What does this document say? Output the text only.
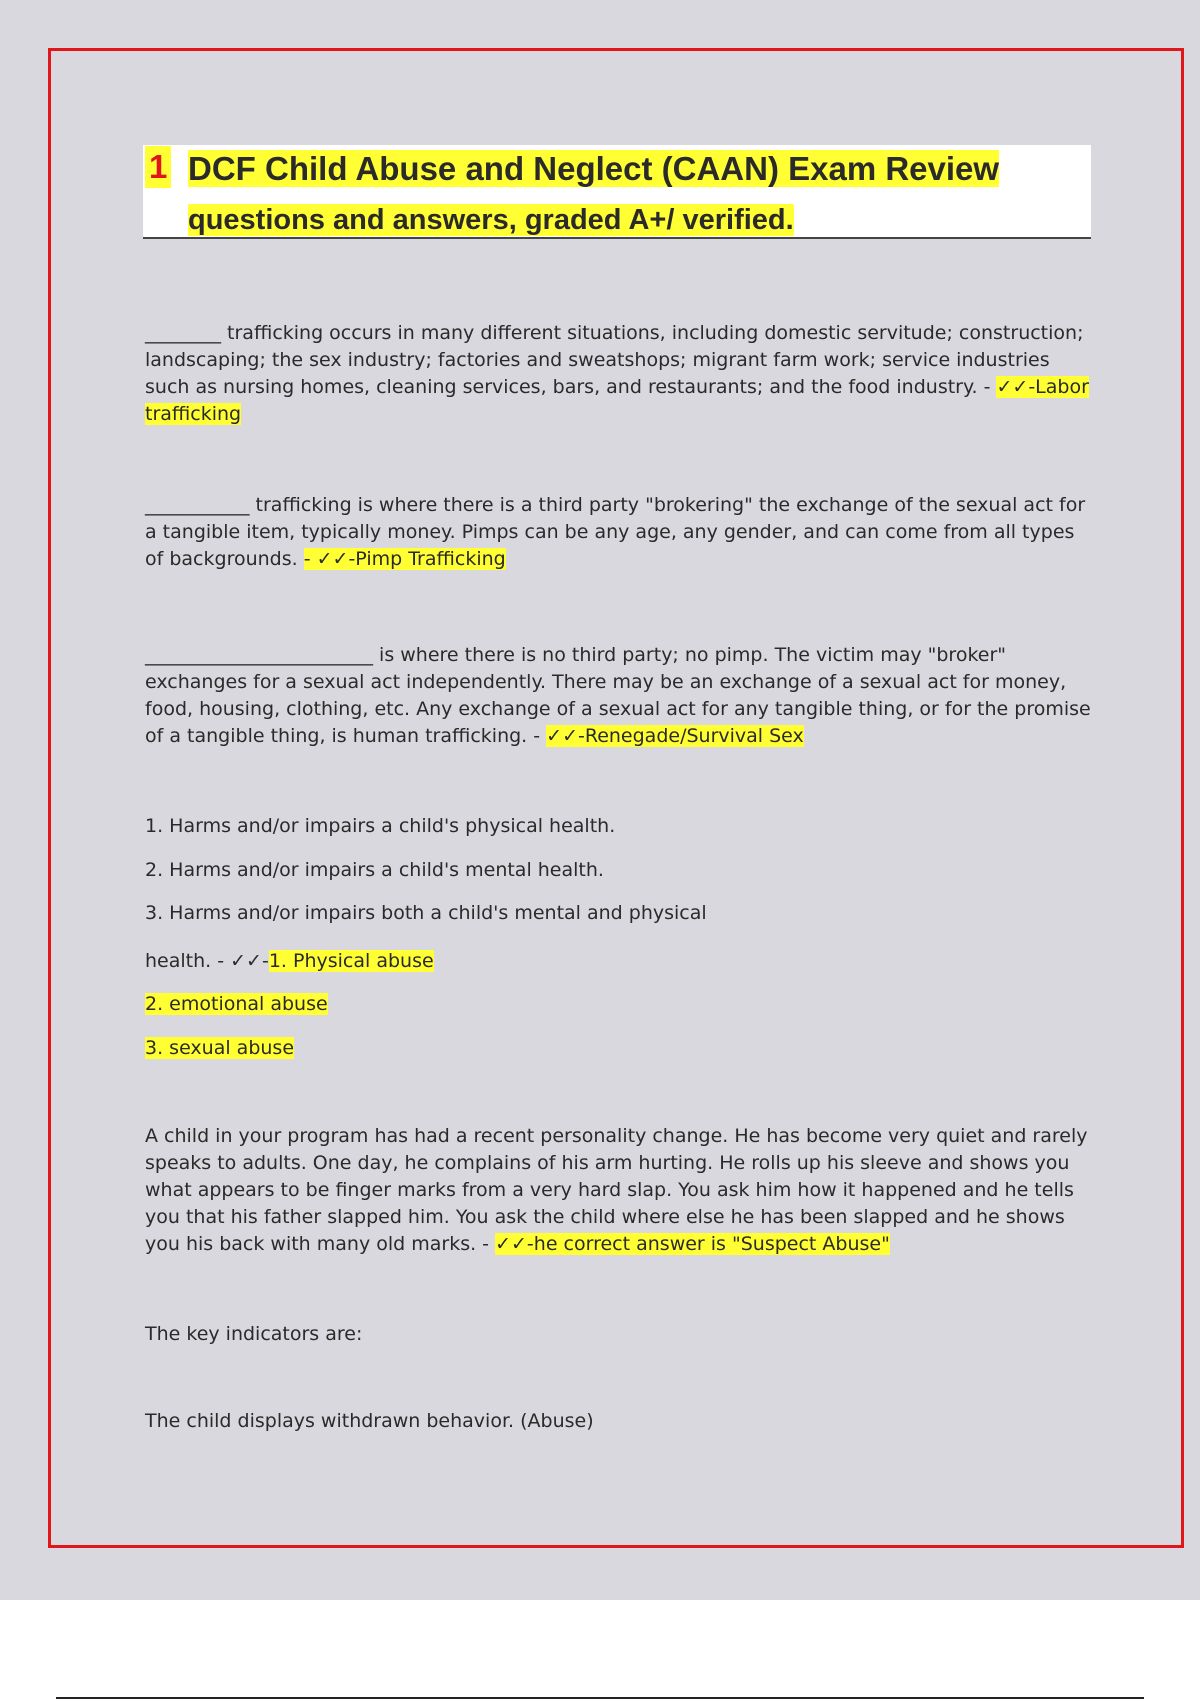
1 DCF Child Abuse and Neglect (CAAN) Exam Review
questions and answers, graded A+/ verified.
________ trafficking occurs in many different situations, including domestic servitude; construction; landscaping; the sex industry; factories and sweatshops; migrant farm work; service industries such as nursing homes, cleaning services, bars, and restaurants; and the food industry. - ✓✓-Labor trafficking
___________ trafficking is where there is a third party "brokering" the exchange of the sexual act for a tangible item, typically money. Pimps can be any age, any gender, and can come from all types of backgrounds. - ✓✓-Pimp Trafficking
________________________ is where there is no third party; no pimp. The victim may "broker" exchanges for a sexual act independently. There may be an exchange of a sexual act for money, food, housing, clothing, etc. Any exchange of a sexual act for any tangible thing, or for the promise of a tangible thing, is human trafficking. - ✓✓-Renegade/Survival Sex
1. Harms and/or impairs a child's physical health.
2. Harms and/or impairs a child's mental health.
3. Harms and/or impairs both a child's mental and physical
health. - ✓✓-1. Physical abuse
2. emotional abuse
3. sexual abuse
A child in your program has had a recent personality change. He has become very quiet and rarely speaks to adults. One day, he complains of his arm hurting. He rolls up his sleeve and shows you what appears to be finger marks from a very hard slap. You ask him how it happened and he tells you that his father slapped him. You ask the child where else he has been slapped and he shows you his back with many old marks. - ✓✓-he correct answer is "Suspect Abuse"
The key indicators are:
The child displays withdrawn behavior. (Abuse)
